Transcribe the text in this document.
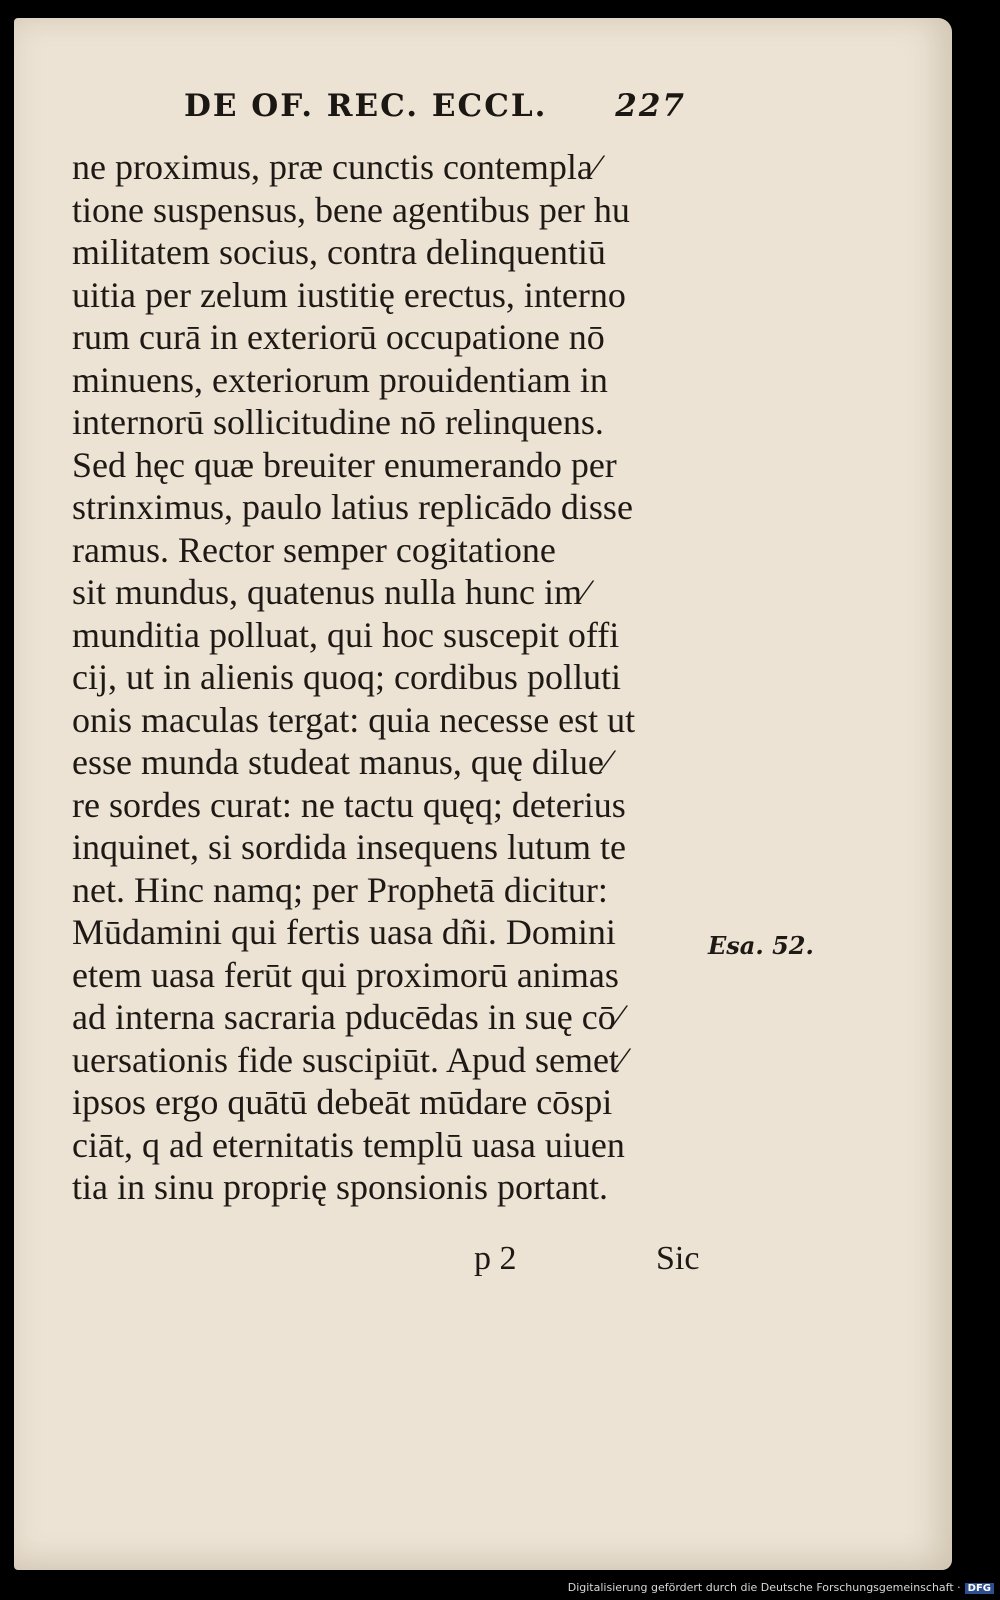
DE OF. REC. ECCL. 227
ne proximus, præ cunctis contempla⁄
tione suspensus, bene agentibus per hu
militatem socius, contra delinquentiū
uitia per zelum iustitię erectus, interno
rum curā in exteriorū occupatione nō
minuens, exteriorum prouidentiam in
internorū sollicitudine nō relinquens.
Sed hęc quæ breuiter enumerando per
strinximus, paulo latius replicādo disse
ramus. Rector semper cogitatione
sit mundus, quatenus nulla hunc im⁄
munditia polluat, qui hoc suscepit offi
cij, ut in alienis quoq; cordibus polluti
onis maculas tergat: quia necesse est ut
esse munda studeat manus, quę dilue⁄
re sordes curat: ne tactu quęq; deterius
inquinet, si sordida insequens lutum te
net. Hinc namq; per Prophetā dicitur:
Mūdamini qui fertis uasa dñi. Domini
etem uasa ferūt qui proximorū animas
ad interna sacraria pducēdas in suę cō⁄
uersationis fide suscipiūt. Apud semet⁄
ipsos ergo quātū debeāt mūdare cōspi
ciāt, q ad eternitatis templū uasa uiuen
tia in sinu proprię sponsionis portant.
Esa. 52.
p 2	Sic
Digitalisierung gefördert durch die Deutsche Forschungsgemeinschaft · DFG
